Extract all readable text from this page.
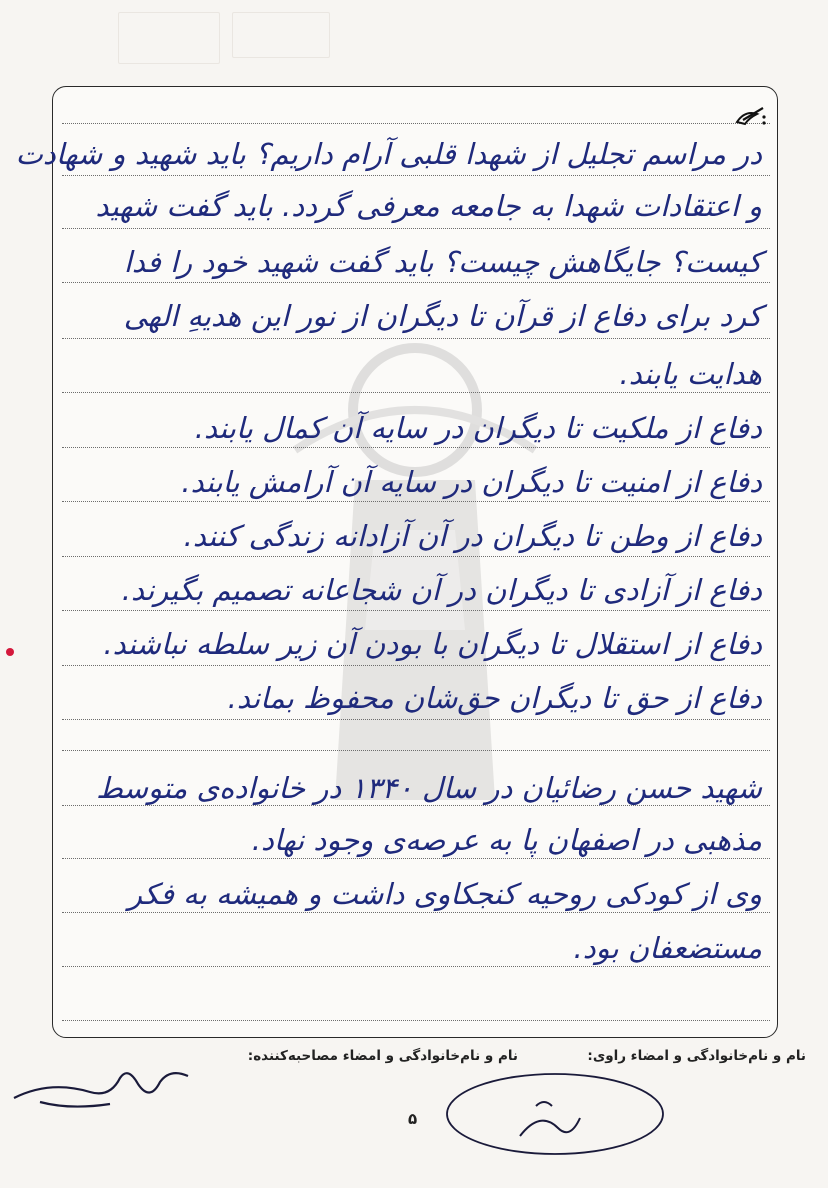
در مراسم تجلیل از شهدا قلبی آرام داریم؟ باید شهید و شهادت
و اعتقادات شهدا به جامعه معرفی گردد. باید گفت شهید
کیست؟ جایگاهش چیست؟ باید گفت شهید خود را فدا
کرد برای دفاع از قرآن تا دیگران از نور این هدیهِ الهی
هدایت یابند.
دفاع از ملکیت تا دیگران در سایه آن کمال یابند.
دفاع از امنیت تا دیگران در سایه آن آرامش یابند.
دفاع از وطن تا دیگران در آن آزادانه زندگی کنند.
دفاع از آزادی تا دیگران در آن شجاعانه تصمیم بگیرند.
دفاع از استقلال تا دیگران با بودن آن زیر سلطه نباشند.
دفاع از حق تا دیگران حق‌شان محفوظ بماند.
شهید حسن رضائیان در سال ۱۳۴۰ در خانواده‌ی متوسط
مذهبی در اصفهان پا به عرصه‌ی وجود نهاد.
وی از کودکی روحیه کنجکاوی داشت و همیشه به فکر
مستضعفان بود.
نام و نام‌خانوادگی و امضاء راوی:
نام و نام‌خانوادگی و امضاء مصاحبه‌کننده:
۵
